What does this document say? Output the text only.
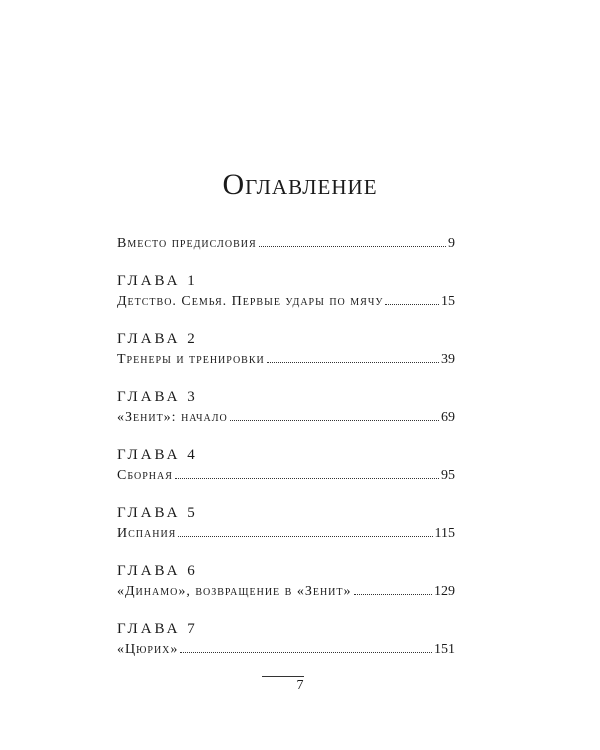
Оглавление
Вместо предисловия	9
ГЛАВА 1
Детство. Семья. Первые удары по мячу	15
ГЛАВА 2
Тренеры и тренировки	39
ГЛАВА 3
«Зенит»: начало	69
ГЛАВА 4
Сборная	95
ГЛАВА 5
Испания	115
ГЛАВА 6
«Динамо», возвращение в «Зенит»	129
ГЛАВА 7
«Цюрих»	151
7
